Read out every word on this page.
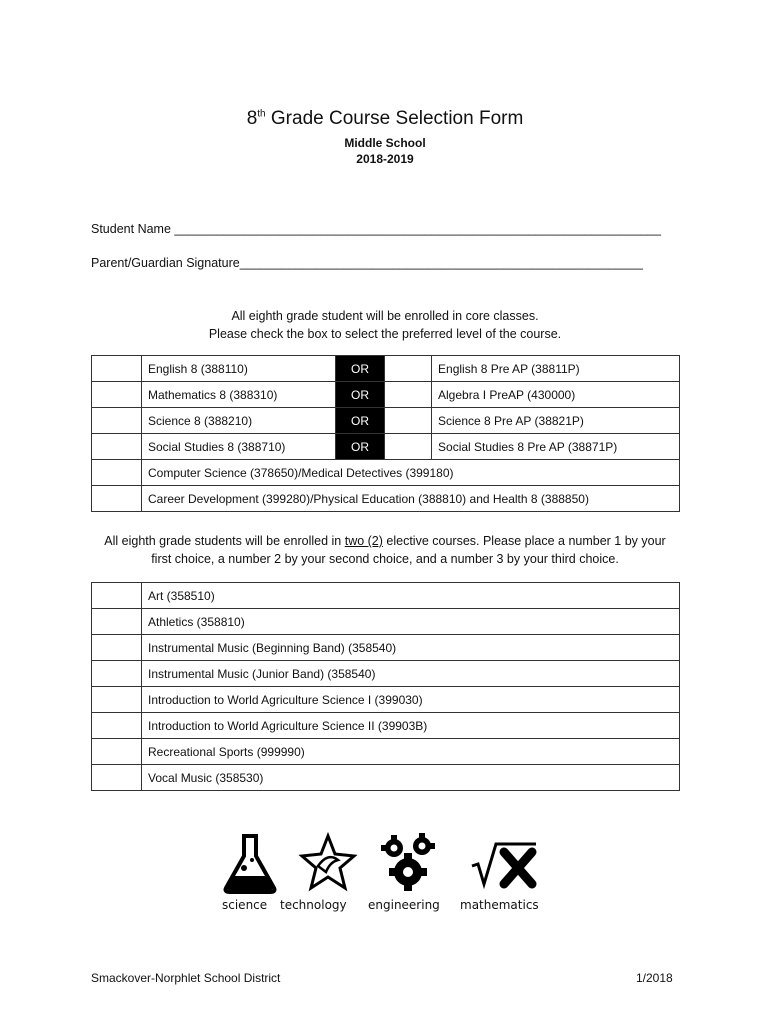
8th Grade Course Selection Form
Middle School
2018-2019
Student Name ______________________________________________________________________
Parent/Guardian Signature__________________________________________________________
All eighth grade student will be enrolled in core classes.
Please check the box to select the preferred level of the course.
	English 8 (388110)	OR		English 8 Pre AP (38811P)
	Mathematics 8 (388310)	OR		Algebra I PreAP (430000)
	Science 8 (388210)	OR		Science 8 Pre AP (38821P)
	Social Studies 8 (388710)	OR		Social Studies 8 Pre AP (38871P)
	Computer Science (378650)/Medical Detectives (399180)			
	Career Development (399280)/Physical Education (388810) and Health 8 (388850)			
All eighth grade students will be enrolled in two (2) elective courses. Please place a number 1 by your
first choice, a number 2 by your second choice, and a number 3 by your third choice.
	Art (358510)
	Athletics (358810)
	Instrumental Music (Beginning Band) (358540)
	Instrumental Music (Junior Band) (358540)
	Introduction to World Agriculture Science I (399030)
	Introduction to World Agriculture Science II (39903B)
	Recreational Sports (999990)
	Vocal Music (358530)
science technology engineering mathematics
Smackover-Norphlet School District	1/2018
